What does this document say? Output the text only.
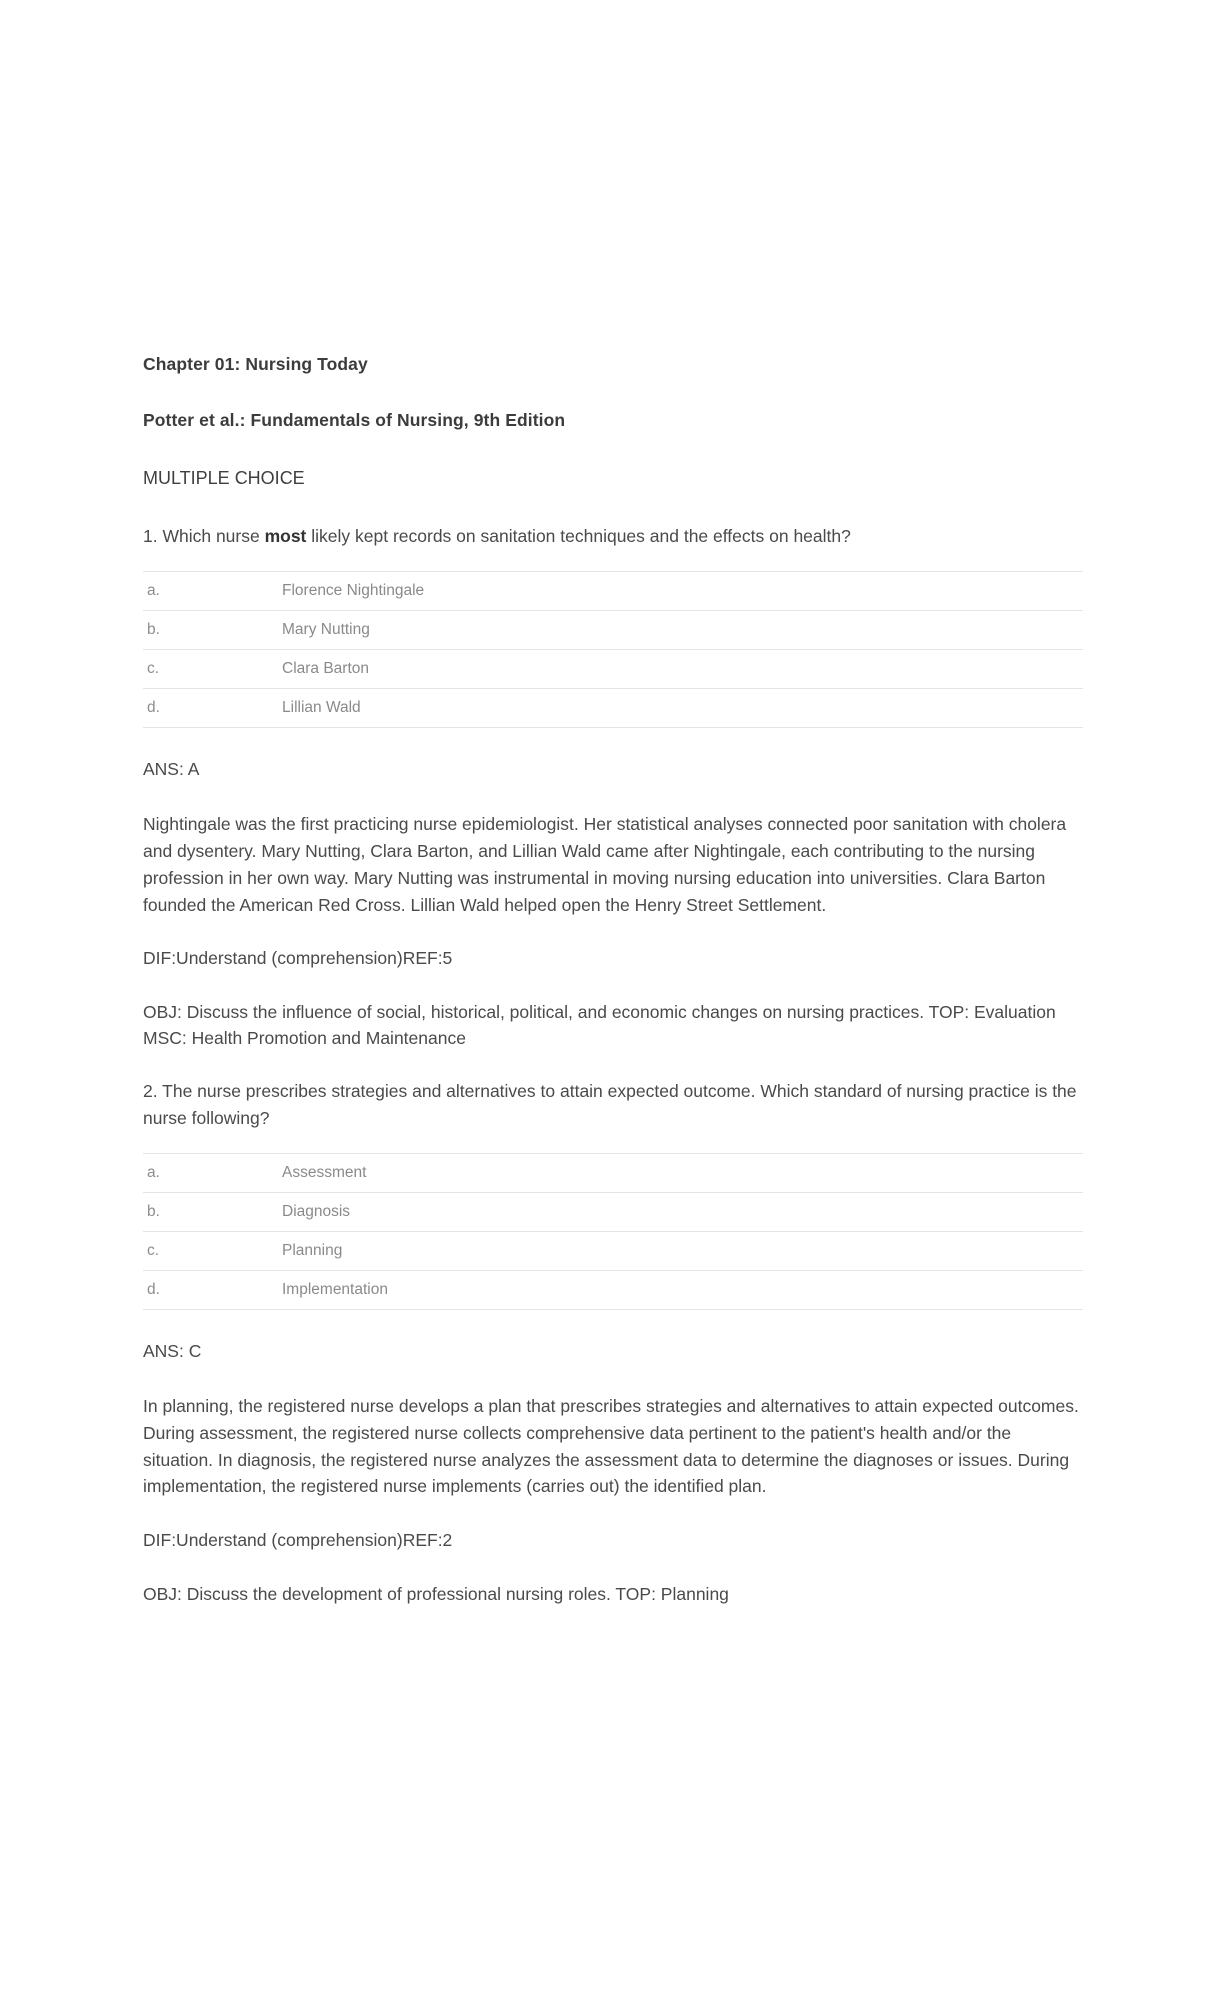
Chapter 01: Nursing Today
Potter et al.: Fundamentals of Nursing, 9th Edition
MULTIPLE CHOICE
1. Which nurse most likely kept records on sanitation techniques and the effects on health?
a.	Florence Nightingale
b.	Mary Nutting
c.	Clara Barton
d.	Lillian Wald
ANS: A
Nightingale was the first practicing nurse epidemiologist. Her statistical analyses connected poor sanitation with cholera and dysentery. Mary Nutting, Clara Barton, and Lillian Wald came after Nightingale, each contributing to the nursing profession in her own way. Mary Nutting was instrumental in moving nursing education into universities. Clara Barton founded the American Red Cross. Lillian Wald helped open the Henry Street Settlement.
DIF:Understand (comprehension)REF:5
OBJ: Discuss the influence of social, historical, political, and economic changes on nursing practices. TOP: Evaluation MSC: Health Promotion and Maintenance
2. The nurse prescribes strategies and alternatives to attain expected outcome. Which standard of nursing practice is the nurse following?
a.	Assessment
b.	Diagnosis
c.	Planning
d.	Implementation
ANS: C
In planning, the registered nurse develops a plan that prescribes strategies and alternatives to attain expected outcomes. During assessment, the registered nurse collects comprehensive data pertinent to the patient's health and/or the situation. In diagnosis, the registered nurse analyzes the assessment data to determine the diagnoses or issues. During implementation, the registered nurse implements (carries out) the identified plan.
DIF:Understand (comprehension)REF:2
OBJ: Discuss the development of professional nursing roles. TOP: Planning
